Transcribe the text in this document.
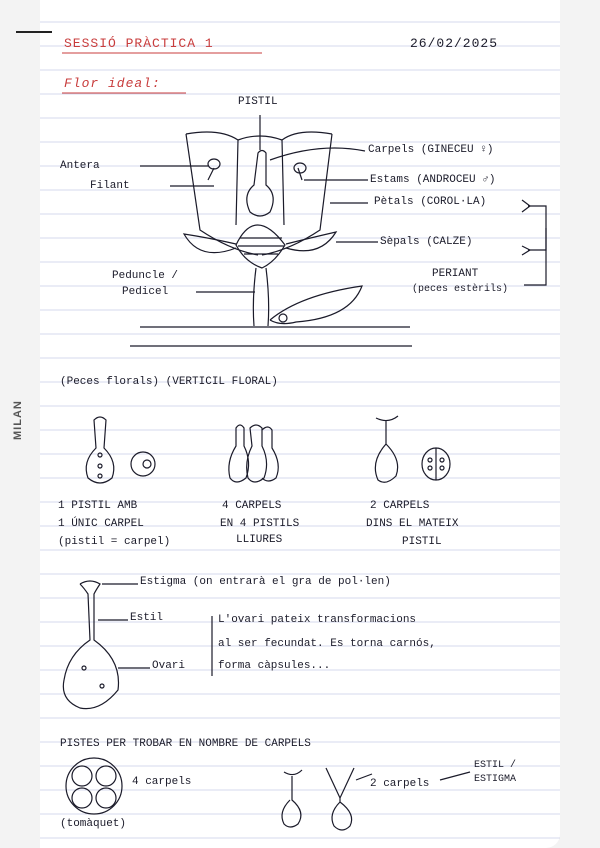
MILAN
SESSIÓ PRÀCTICA 1	26/02/2025
Flor ideal:
PISTIL
Antera
Filant
Carpels (GINECEU ♀)
Estams (ANDROCEU ♂)
Pètals (COROL·LA)
Sèpals (CALZE)
PERIANT
(peces estèrils)
Peduncle /
Pedicel
(Peces florals) (VERTICIL FLORAL)
1 PISTIL AMB
1 ÚNIC CARPEL
(pistil = carpel)
4 CARPELS
EN 4 PISTILS
LLIURES
2 CARPELS
DINS EL MATEIX
PISTIL
Estigma (on entrarà el gra de pol·len)
Estil
Ovari
L'ovari pateix transformacions
al ser fecundat. Es torna carnós,
forma càpsules...
PISTES PER TROBAR EN NOMBRE DE CARPELS
4 carpels	2 carpels
ESTIL /
ESTIGMA
(tomàquet)
